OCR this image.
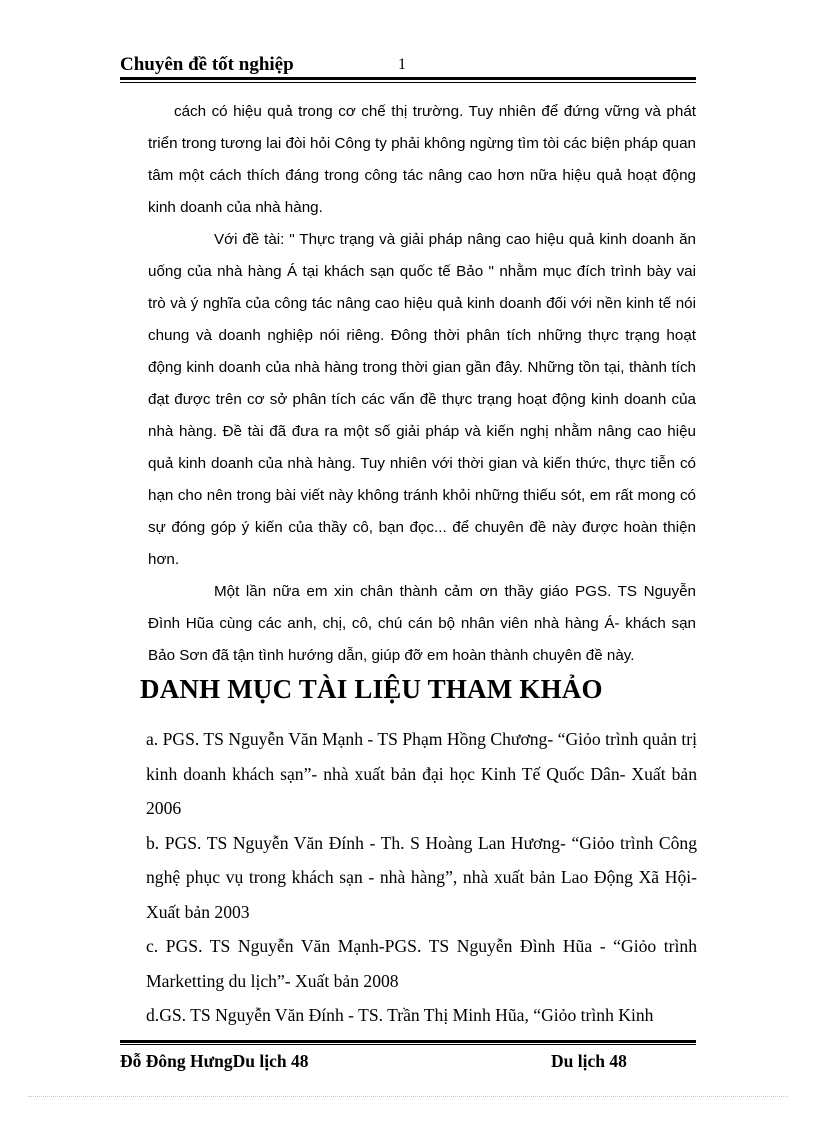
Chuyên đề tốt nghiệp	1

cách có hiệu quả trong cơ chế thị trường. Tuy nhiên để đứng vững và phát triển trong tương lai đòi hỏi Công ty phải không ngừng tìm tòi các biện pháp quan tâm một cách thích đáng trong công tác nâng cao hơn nữa hiệu quả hoạt động kinh doanh của nhà hàng.

Với đề tài: " Thực trạng và giải pháp nâng cao hiệu quả kinh doanh ăn uống của nhà hàng Á tại khách sạn quốc tế Bảo " nhằm mục đích trình bày vai trò và ý nghĩa của công tác nâng cao hiệu quả kinh doanh đối với nền kinh tế nói chung và doanh nghiệp nói riêng. Đông thời phân tích những thực trạng hoạt động kinh doanh của nhà hàng trong thời gian gần đây. Những tồn tại, thành tích đạt được trên cơ sở phân tích các vấn đề thực trạng hoạt động kinh doanh của nhà hàng. Đề tài đã đưa ra một số giải pháp và kiến nghị nhằm nâng cao hiệu quả kinh doanh của nhà hàng. Tuy nhiên với thời gian và kiến thức, thực tiễn có hạn cho nên trong bài viết này không tránh khỏi những thiếu sót, em rất mong có sự đóng góp ý kiến của thầy cô, bạn đọc... để chuyên đề này được hoàn thiện hơn.

Một lần nữa em xin chân thành cảm ơn thầy giáo PGS. TS Nguyễn Đình Hũa cùng các anh, chị, cô, chú cán bộ nhân viên nhà hàng Á- khách sạn Bảo Sơn đã tận tình hướng dẫn, giúp đỡ em hoàn thành chuyên đề này.

DANH MỤC TÀI LIỆU THAM KHẢO

a. PGS. TS Nguyễn Văn Mạnh - TS Phạm Hồng Chương- “Giỏo trình quản trị kinh doanh khách sạn”- nhà xuất bản đại học Kinh Tế Quốc Dân- Xuất bản 2006

b. PGS. TS Nguyễn Văn Đính - Th. S Hoàng Lan Hương- “Giỏo trình Công nghệ phục vụ trong khách sạn - nhà hàng”, nhà xuất bản Lao Động Xã Hội- Xuất bản 2003

c. PGS. TS Nguyễn Văn Mạnh-PGS. TS Nguyễn Đình Hũa - “Giỏo trình Marketting du lịch”- Xuất bản 2008

d.GS. TS Nguyễn Văn Đính - TS. Trần Thị Minh Hũa, “Giỏo trình Kinh

Đỗ Đông HưngDu lịch 48	Du lịch 48
